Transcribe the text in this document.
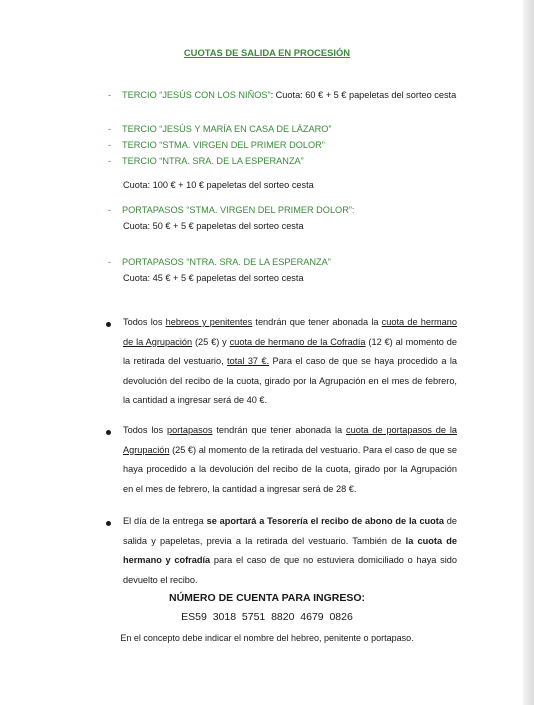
CUOTAS DE SALIDA EN PROCESIÓN
- TERCIO “JESÚS CON LOS NIÑOS”: Cuota: 60 € + 5 € papeletas del sorteo cesta
- TERCIO “JESÚS Y MARÍA EN CASA DE LÁZARO”
- TERCIO “STMA. VIRGEN DEL PRIMER DOLOR”
- TERCIO “NTRA. SRA. DE LA ESPERANZA”
Cuota: 100 € + 10 € papeletas del sorteo cesta
- PORTAPASOS “STMA. VIRGEN DEL PRIMER DOLOR”:
Cuota: 50 € + 5 € papeletas del sorteo cesta
- PORTAPASOS “NTRA. SRA. DE LA ESPERANZA”
Cuota: 45 € + 5 € papeletas del sorteo cesta
Todos los hebreos y penitentes tendrán que tener abonada la cuota de hermano de la Agrupación (25 €) y cuota de hermano de la Cofradía (12 €) al momento de la retirada del vestuario, total 37 €. Para el caso de que se haya procedido a la devolución del recibo de la cuota, girado por la Agrupación en el mes de febrero, la cantidad a ingresar será de 40 €.
Todos los portapasos tendrán que tener abonada la cuota de portapasos de la Agrupación (25 €) al momento de la retirada del vestuario. Para el caso de que se haya procedido a la devolución del recibo de la cuota, girado por la Agrupación en el mes de febrero, la cantidad a ingresar será de 28 €.
El día de la entrega se aportará a Tesorería el recibo de abono de la cuota de salida y papeletas, previa a la retirada del vestuario. También de la cuota de hermano y cofradía para el caso de que no estuviera domiciliado o haya sido devuelto el recibo.
NÚMERO DE CUENTA PARA INGRESO:
ES59  3018  5751  8820  4679  0826
En el concepto debe indicar el nombre del hebreo, penitente o portapaso.
